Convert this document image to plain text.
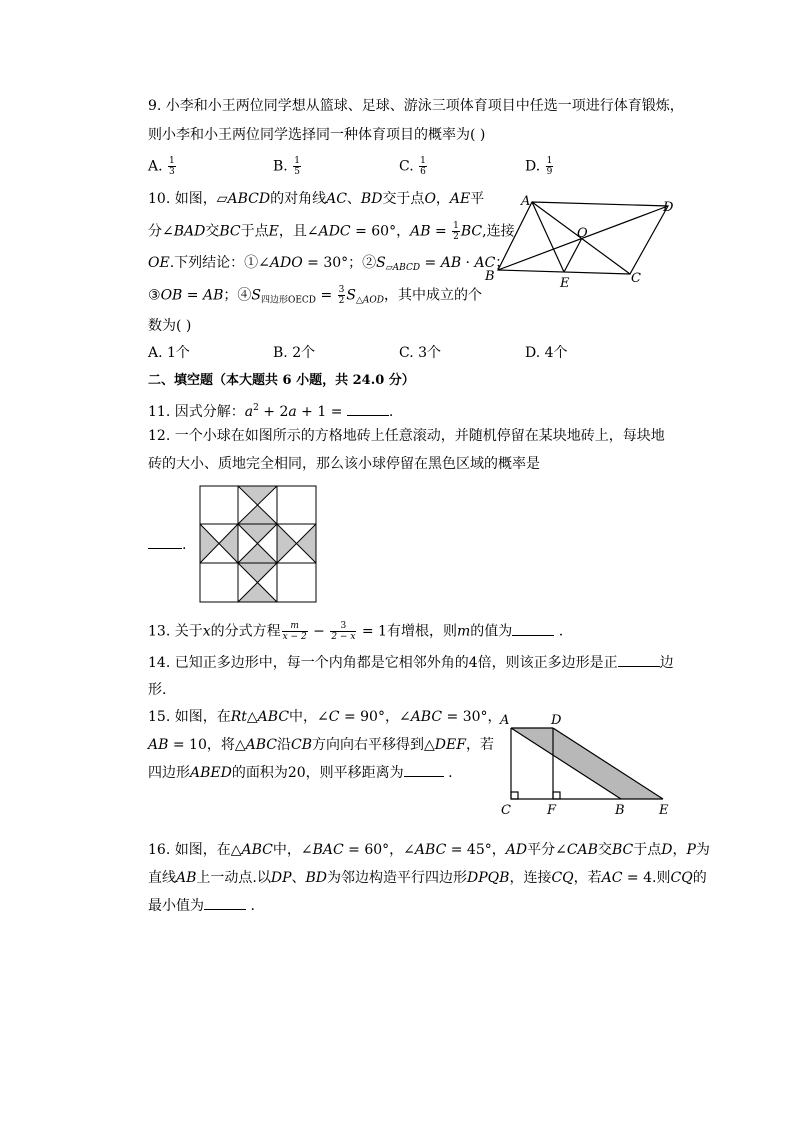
9. 小李和小王两位同学想从篮球、足球、游泳三项体育项目中任选一项进行体育锻炼，
则小李和小王两位同学选择同一种体育项目的概率为( )
A. $\frac{1}{3}$	B. $\frac{1}{5}$	C. $\frac{1}{6}$	D. $\frac{1}{9}$
10. 如图，▱ABCD的对角线AC、BD交于点O，AE平
分∠BAD交BC于点E，且∠ADC = 60°，AB = $\frac{1}{2}$ BC,连接
OE.下列结论：①∠ADO = 30°；$②S_{▱ABCD}$ = AB · AC；
③OB = AB；$④S_{四边形OECD} = \frac{3}{2} S_{\triangle AOD}$，其中成立的个
数为( )
A	D
O
B	E	C
A. 1个	B. 2个	C. 3个	D. 4个
二、填空题（本大题共 6 小题，共 24.0 分）
11. 因式分解：$a^2 + 2a + 1$ =	.
12. 一个小球在如图所示的方格地砖上任意滚动，并随机停留在某块地砖上，每块地
砖的大小、质地完全相同，那么该小球停留在黑色区域的概率是
.
13. 关于x的分式方程 $\frac{m}{x - 2} - \frac{3}{2 - x} = 1$有增根，则m的值为	.
14. 已知正多边形中，每一个内角都是它相邻外角的4倍，则该正多边形是正	边
形.
15. 如图，在Rt△ABC中，∠C = 90°，∠ABC = 30°，
AB = 10，将△ABC沿CB方向向右平移得到△DEF，若
四边形ABED的面积为20，则平移距离为	.
A	D
C	F	B	E
16. 如图，在△ABC中，∠BAC = 60°，∠ABC = 45°，AD平分∠CAB交BC于点D，P为
直线AB上一动点.以DP、BD为邻边构造平行四边形DPQB，连接CQ，若AC = 4.则CQ的
最小值为	.
